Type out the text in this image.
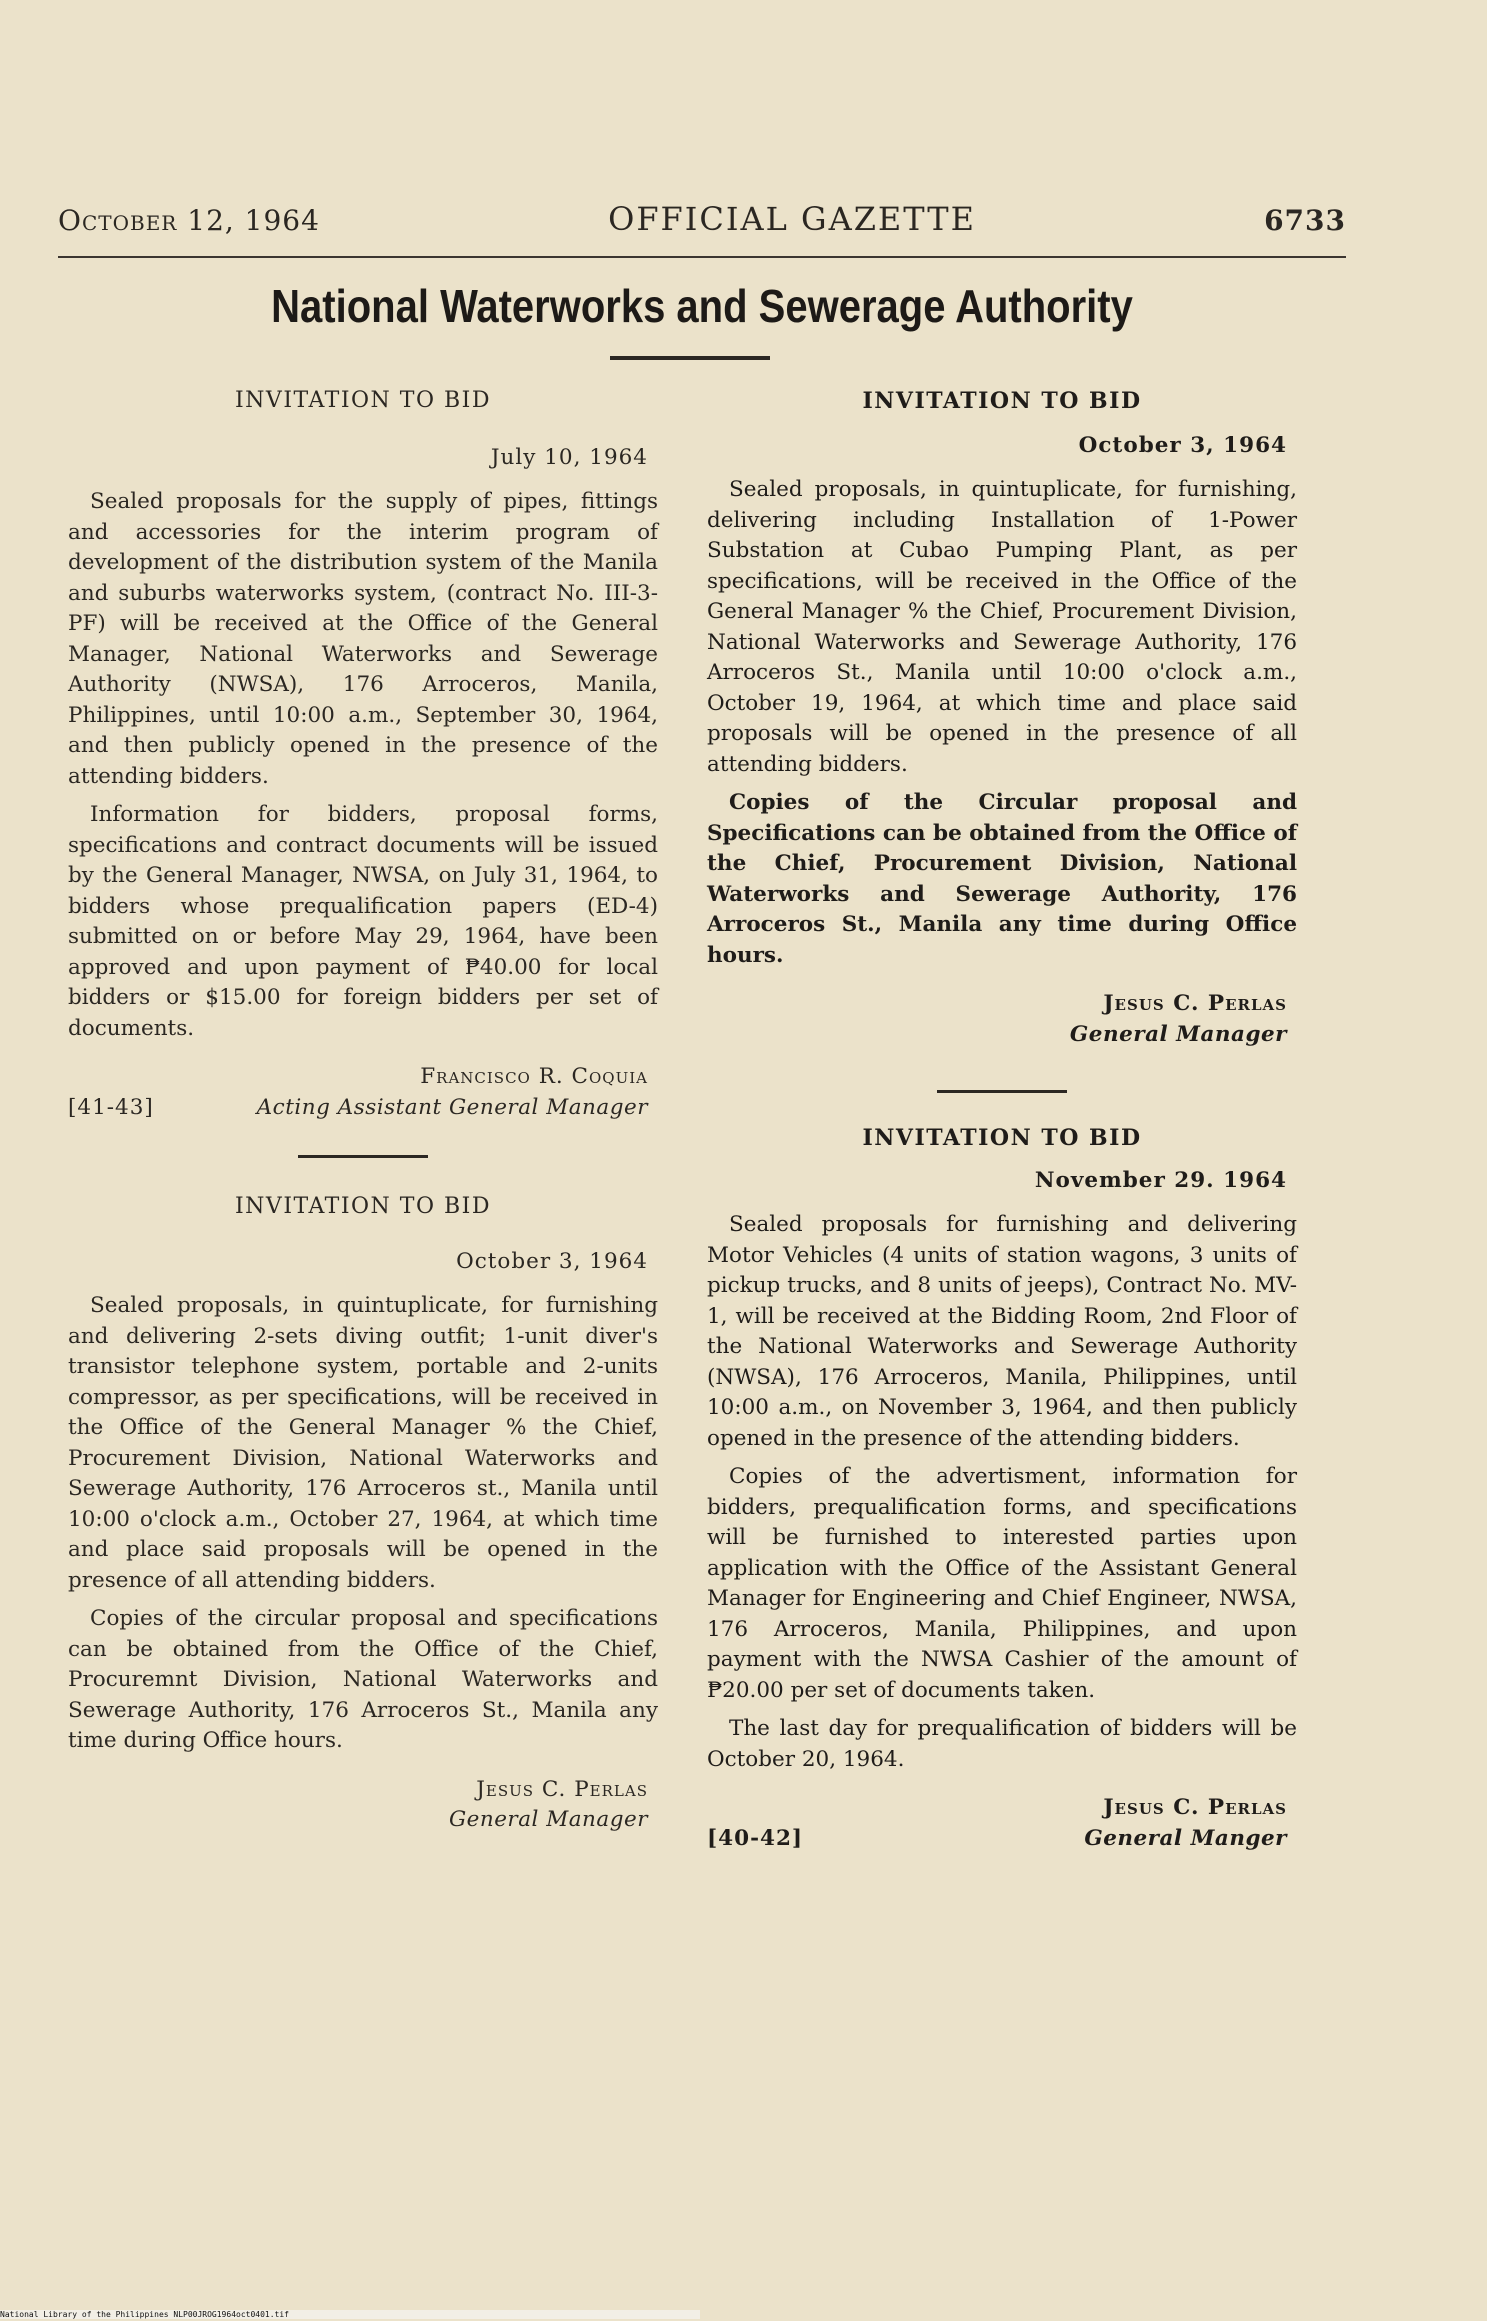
October 12, 1964	OFFICIAL GAZETTE	6733
National Waterworks and Sewerage Authority
INVITATION TO BID
July 10, 1964

Sealed proposals for the supply of pipes, fittings and accessories for the interim program of development of the distribution system of the Manila and suburbs waterworks system, (contract No. III-3-PF) will be received at the Office of the General Manager, National Waterworks and Sewerage Authority (NWSA), 176 Arroceros, Manila, Philippines, until 10:00 a.m., September 30, 1964, and then publicly opened in the presence of the attending bidders.

Information for bidders, proposal forms, specifications and contract documents will be issued by the General Manager, NWSA, on July 31, 1964, to bidders whose prequalification papers (ED-4) submitted on or before May 29, 1964, have been approved and upon payment of ₱40.00 for local bidders or $15.00 for foreign bidders per set of documents.

Francisco R. Coquia
[41-43]	Acting Assistant General Manager
INVITATION TO BID
October 3, 1964

Sealed proposals, in quintuplicate, for furnishing and delivering 2-sets diving outfit; 1-unit diver's transistor telephone system, portable and 2-units compressor, as per specifications, will be received in the Office of the General Manager % the Chief, Procurement Division, National Waterworks and Sewerage Authority, 176 Arroceros st., Manila until 10:00 o'clock a.m., October 27, 1964, at which time and place said proposals will be opened in the presence of all attending bidders.

Copies of the circular proposal and specifications can be obtained from the Office of the Chief, Procuremnt Division, National Waterworks and Sewerage Authority, 176 Arroceros St., Manila any time during Office hours.

Jesus C. Perlas
General Manager
INVITATION TO BID
October 3, 1964

Sealed proposals, in quintuplicate, for furnishing, delivering including Installation of 1-Power Substation at Cubao Pumping Plant, as per specifications, will be received in the Office of the General Manager % the Chief, Procurement Division, National Waterworks and Sewerage Authority, 176 Arroceros St., Manila until 10:00 o'clock a.m., October 19, 1964, at which time and place said proposals will be opened in the presence of all attending bidders.

Copies of the Circular proposal and Specifications can be obtained from the Office of the Chief, Procurement Division, National Waterworks and Sewerage Authority, 176 Arroceros St., Manila any time during Office hours.

Jesus C. Perlas
General Manager
INVITATION TO BID
November 29. 1964

Sealed proposals for furnishing and delivering Motor Vehicles (4 units of station wagons, 3 units of pickup trucks, and 8 units of jeeps), Contract No. MV-1, will be received at the Bidding Room, 2nd Floor of the National Waterworks and Sewerage Authority (NWSA), 176 Arroceros, Manila, Philippines, until 10:00 a.m., on November 3, 1964, and then publicly opened in the presence of the attending bidders.

Copies of the advertisment, information for bidders, prequalification forms, and specifications will be furnished to interested parties upon application with the Office of the Assistant General Manager for Engineering and Chief Engineer, NWSA, 176 Arroceros, Manila, Philippines, and upon payment with the NWSA Cashier of the amount of ₱20.00 per set of documents taken.

The last day for prequalification of bidders will be October 20, 1964.

Jesus C. Perlas
[40-42]	General Manger
National Library of the Philippines NLP00JROG1964oct0401.tif
